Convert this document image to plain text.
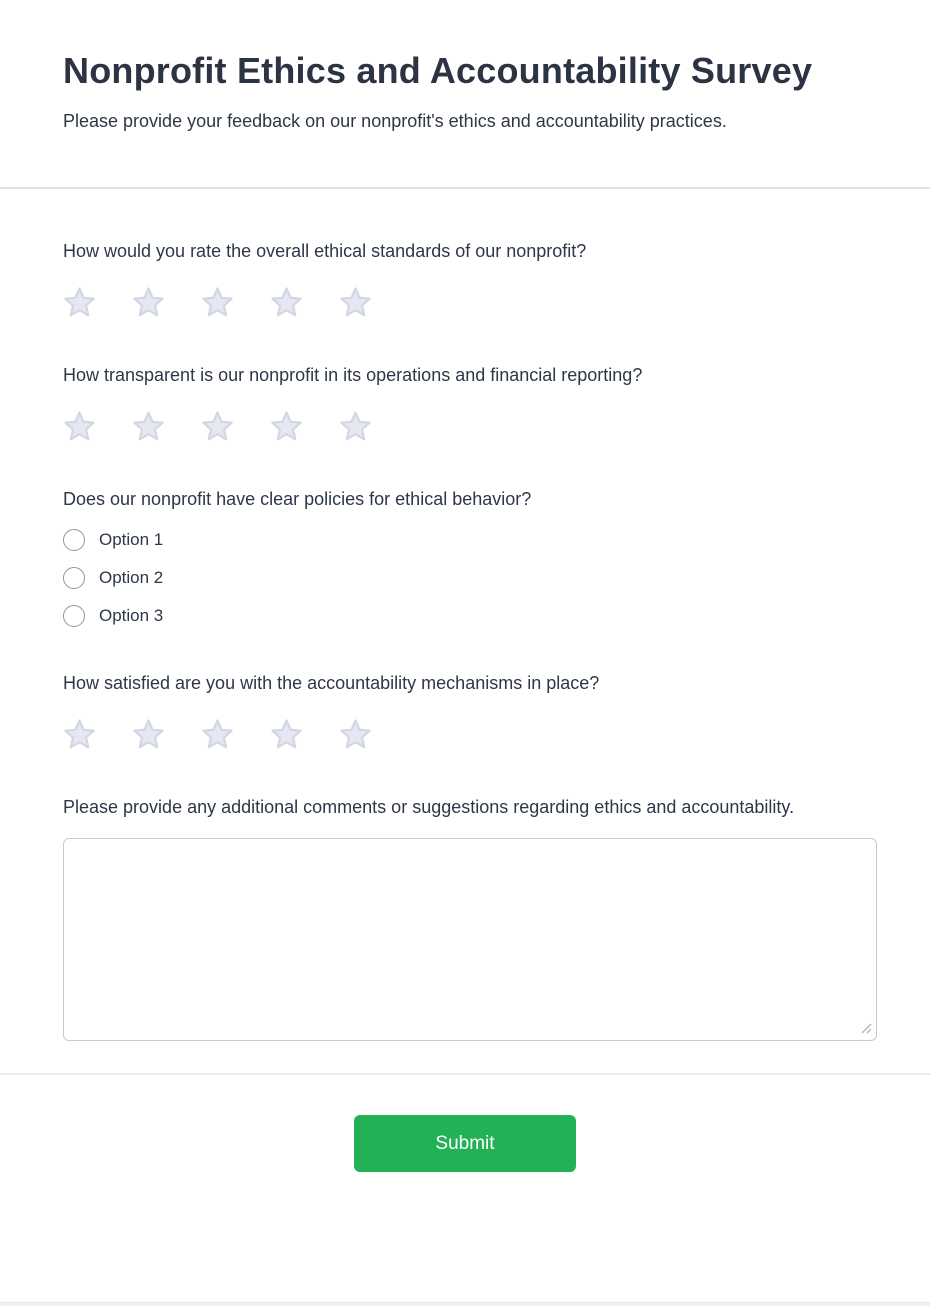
Nonprofit Ethics and Accountability Survey

Please provide your feedback on our nonprofit's ethics and accountability practices.

How would you rate the overall ethical standards of our nonprofit?

How transparent is our nonprofit in its operations and financial reporting?

Does our nonprofit have clear policies for ethical behavior?

Option 1
Option 2
Option 3

How satisfied are you with the accountability mechanisms in place?

Please provide any additional comments or suggestions regarding ethics and accountability.

Submit
